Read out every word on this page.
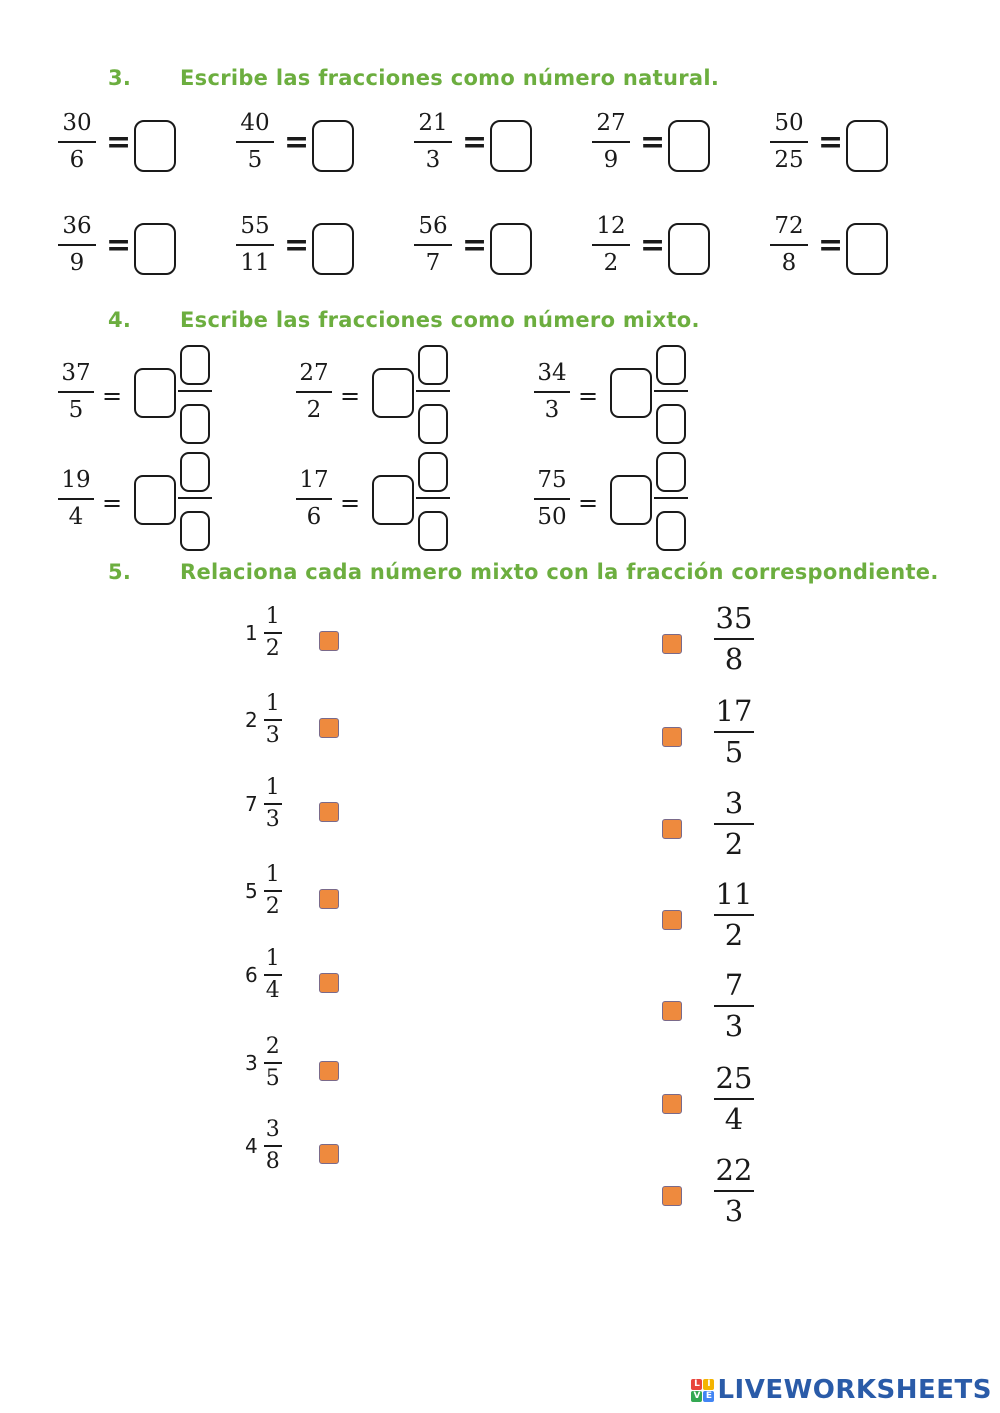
3. Escribe las fracciones como número natural.
30
6 =
40
5 =
21
3 =
27
9 =
50
25 =
36
9 =
55
11 =
56
7 =
12
2 =
72
8 =
4. Escribe las fracciones como número mixto.
37
5 =
27
2 =
34
3 =
19
4 =
17
6 =
75
50 =
5. Relaciona cada número mixto con la fracción correspondiente.
$1 \frac{1}{2}$
$2 \frac{1}{3}$
$7 \frac{1}{3}$
$5 \frac{1}{2}$
$6 \frac{1}{4}$
$3 \frac{2}{5}$
$4 \frac{3}{8}$
35
8
17
5
3
2
11
2
7
3
25
4
22
3
L I
V E LIVEWORKSHEETS
